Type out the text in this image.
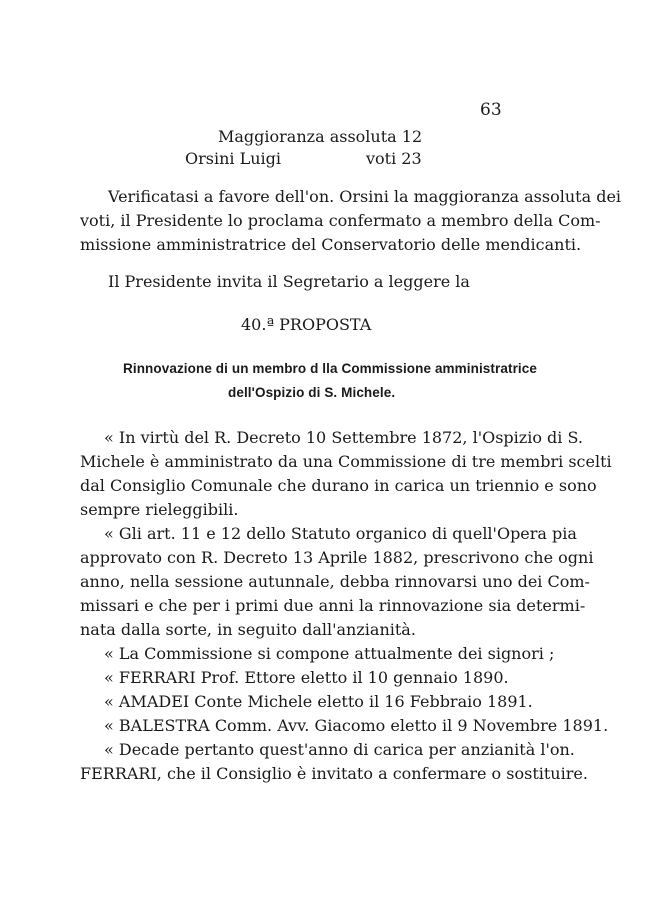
63
Maggioranza assoluta 12
Orsini Luigi	voti 23
Verificatasi a favore dell'on. Orsini la maggioranza assoluta dei
voti, il Presidente lo proclama confermato a membro della Com-
missione amministratrice del Conservatorio delle mendicanti.
Il Presidente invita il Segretario a leggere la
40.ª PROPOSTA
Rinnovazione di un membro d lla Commissione amministratrice
dell'Ospizio di S. Michele.
« In virtù del R. Decreto 10 Settembre 1872, l'Ospizio di S.
Michele è amministrato da una Commissione di tre membri scelti
dal Consiglio Comunale che durano in carica un triennio e sono
sempre rieleggibili.
« Gli art. 11 e 12 dello Statuto organico di quell'Opera pia
approvato con R. Decreto 13 Aprile 1882, prescrivono che ogni
anno, nella sessione autunnale, debba rinnovarsi uno dei Com-
missari e che per i primi due anni la rinnovazione sia determi-
nata dalla sorte, in seguito dall'anzianità.
« La Commissione si compone attualmente dei signori ;
« FERRARI Prof. Ettore eletto il 10 gennaio 1890.
« AMADEI Conte Michele eletto il 16 Febbraio 1891.
« BALESTRA Comm. Avv. Giacomo eletto il 9 Novembre 1891.
« Decade pertanto quest'anno di carica per anzianità l'on.
FERRARI, che il Consiglio è invitato a confermare o sostituire.
